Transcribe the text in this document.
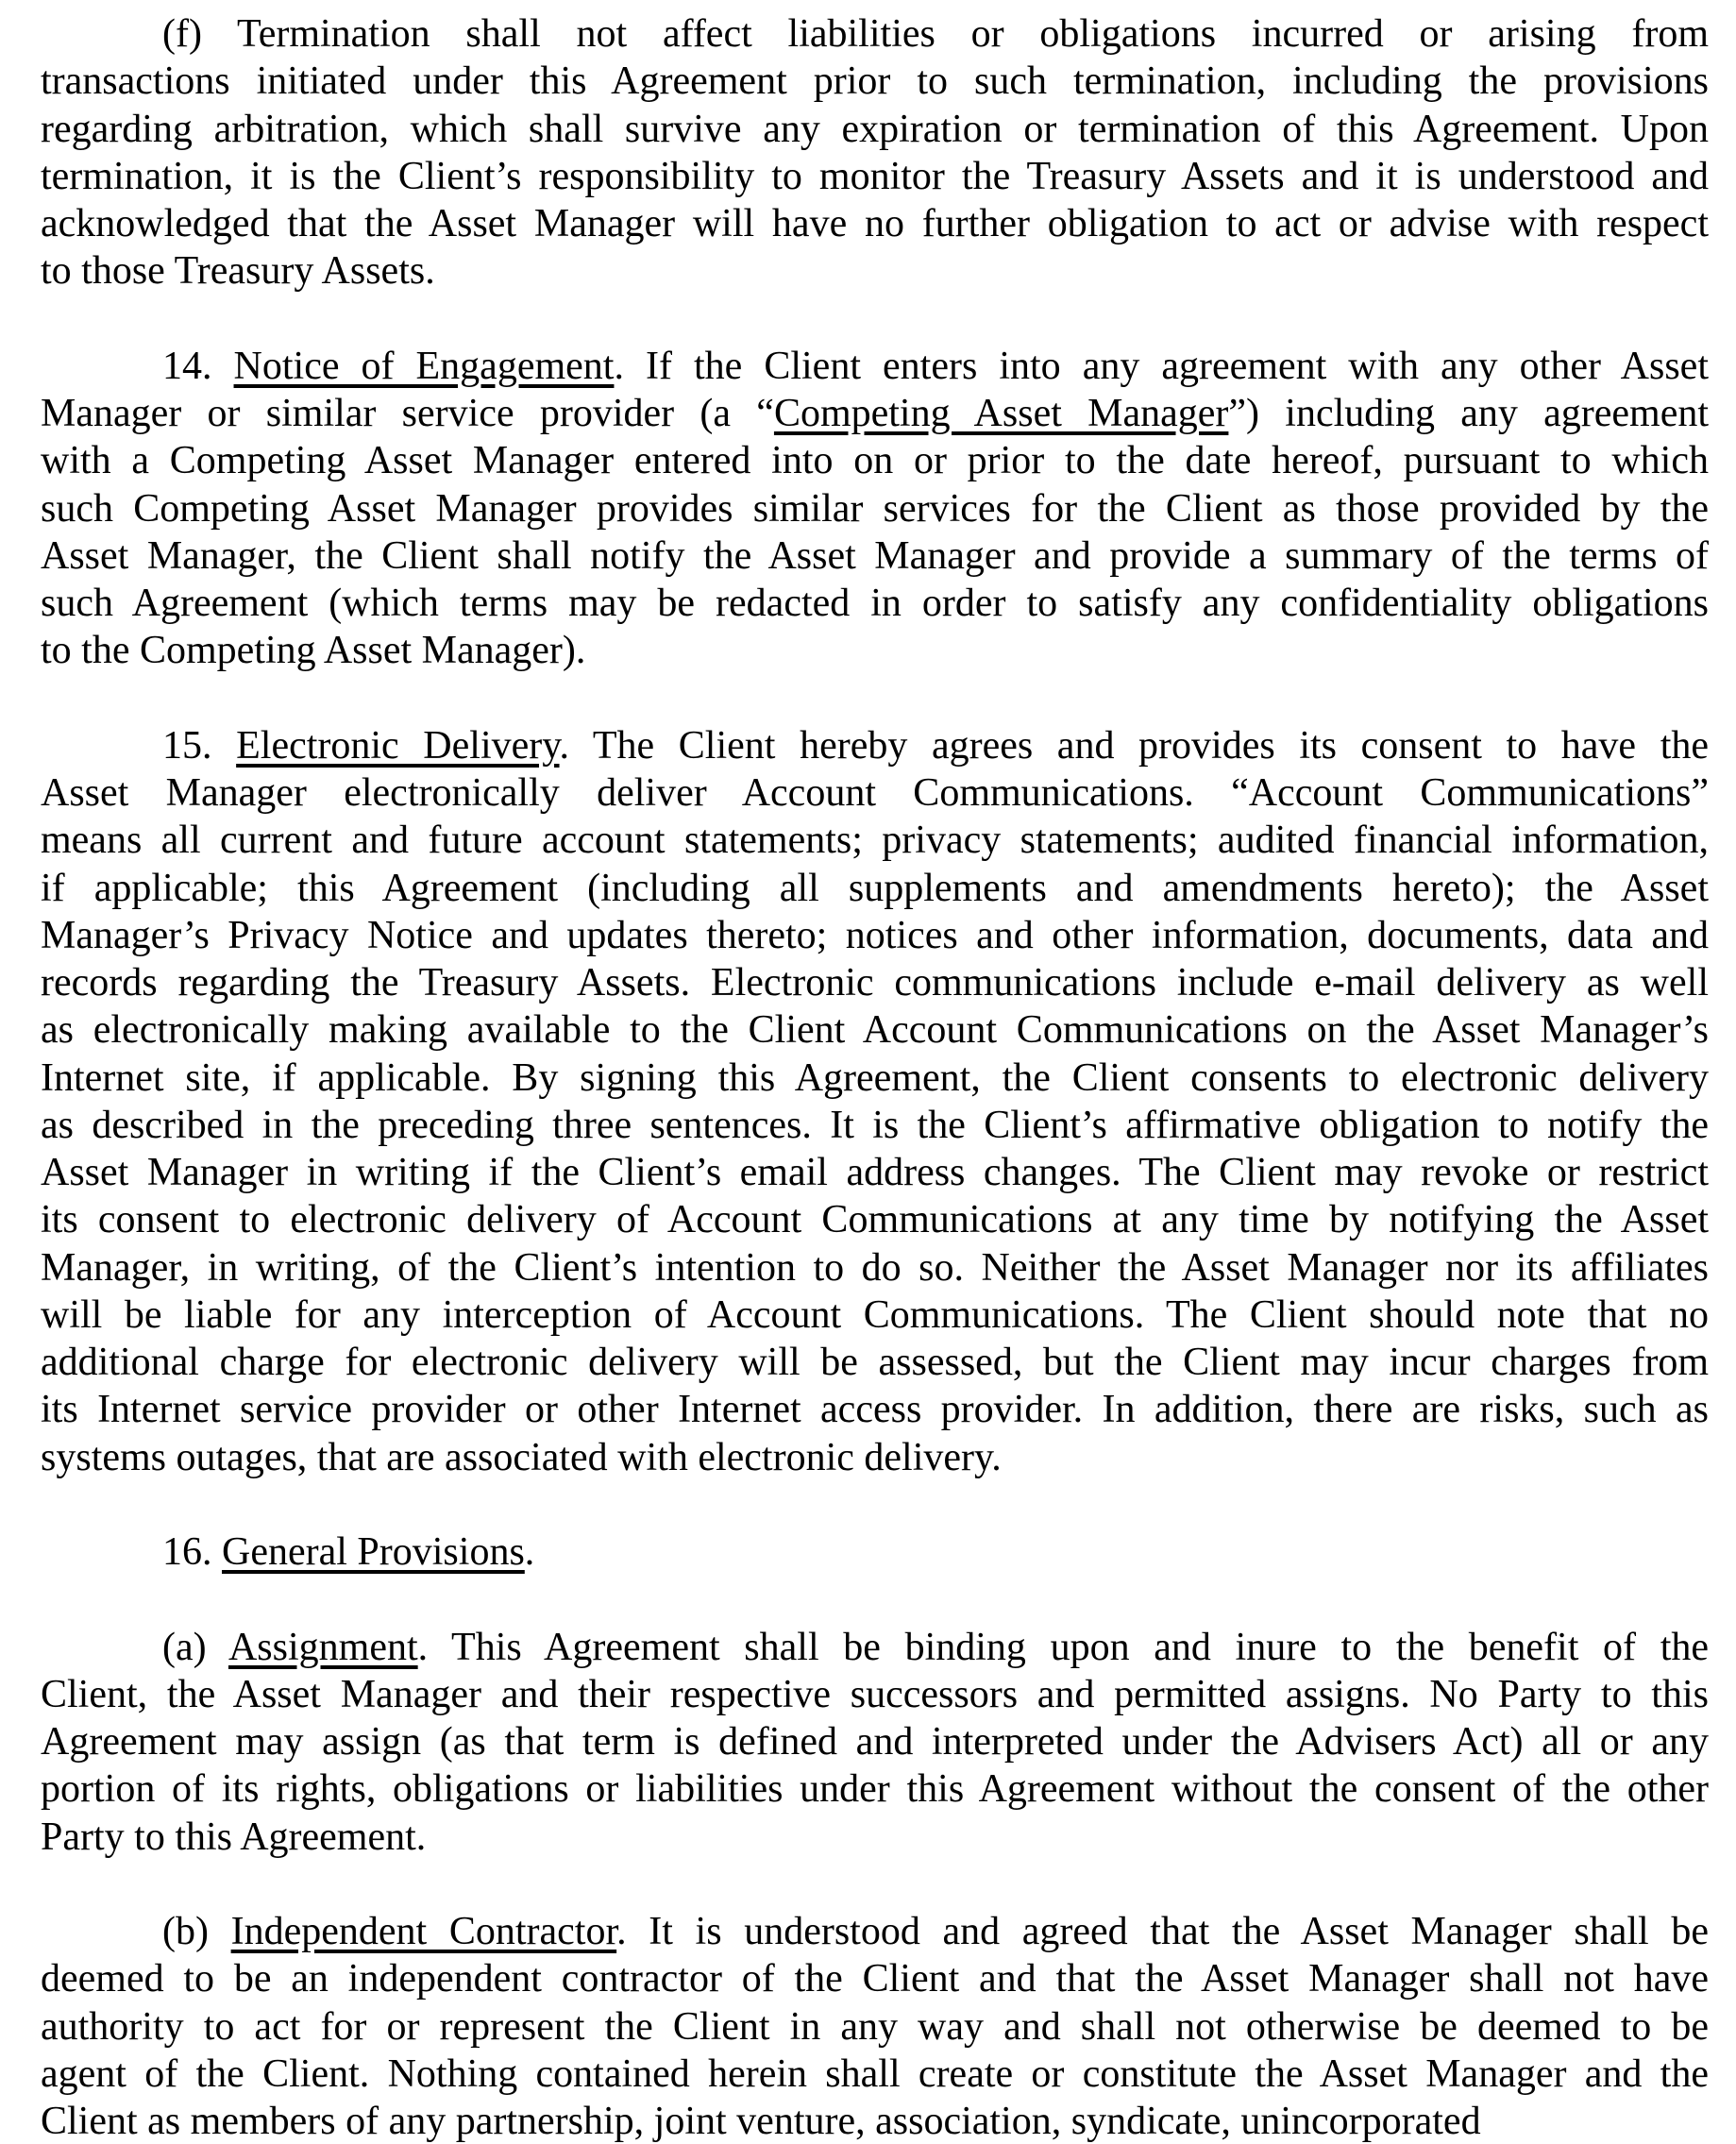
(f) Termination shall not affect liabilities or obligations incurred or arising from
transactions initiated under this Agreement prior to such termination, including the provisions
regarding arbitration, which shall survive any expiration or termination of this Agreement. Upon
termination, it is the Client’s responsibility to monitor the Treasury Assets and it is understood and
acknowledged that the Asset Manager will have no further obligation to act or advise with respect
to those Treasury Assets.
14. Notice of Engagement. If the Client enters into any agreement with any other Asset
Manager or similar service provider (a “Competing Asset Manager”) including any agreement
with a Competing Asset Manager entered into on or prior to the date hereof, pursuant to which
such Competing Asset Manager provides similar services for the Client as those provided by the
Asset Manager, the Client shall notify the Asset Manager and provide a summary of the terms of
such Agreement (which terms may be redacted in order to satisfy any confidentiality obligations
to the Competing Asset Manager).
15. Electronic Delivery. The Client hereby agrees and provides its consent to have the
Asset Manager electronically deliver Account Communications. “Account Communications”
means all current and future account statements; privacy statements; audited financial information,
if applicable; this Agreement (including all supplements and amendments hereto); the Asset
Manager’s Privacy Notice and updates thereto; notices and other information, documents, data and
records regarding the Treasury Assets. Electronic communications include e-mail delivery as well
as electronically making available to the Client Account Communications on the Asset Manager’s
Internet site, if applicable. By signing this Agreement, the Client consents to electronic delivery
as described in the preceding three sentences. It is the Client’s affirmative obligation to notify the
Asset Manager in writing if the Client’s email address changes. The Client may revoke or restrict
its consent to electronic delivery of Account Communications at any time by notifying the Asset
Manager, in writing, of the Client’s intention to do so. Neither the Asset Manager nor its affiliates
will be liable for any interception of Account Communications. The Client should note that no
additional charge for electronic delivery will be assessed, but the Client may incur charges from
its Internet service provider or other Internet access provider. In addition, there are risks, such as
systems outages, that are associated with electronic delivery.
16. General Provisions.
(a) Assignment. This Agreement shall be binding upon and inure to the benefit of the
Client, the Asset Manager and their respective successors and permitted assigns. No Party to this
Agreement may assign (as that term is defined and interpreted under the Advisers Act) all or any
portion of its rights, obligations or liabilities under this Agreement without the consent of the other
Party to this Agreement.
(b) Independent Contractor. It is understood and agreed that the Asset Manager shall be
deemed to be an independent contractor of the Client and that the Asset Manager shall not have
authority to act for or represent the Client in any way and shall not otherwise be deemed to be
agent of the Client. Nothing contained herein shall create or constitute the Asset Manager and the
Client as members of any partnership, joint venture, association, syndicate, unincorporated
